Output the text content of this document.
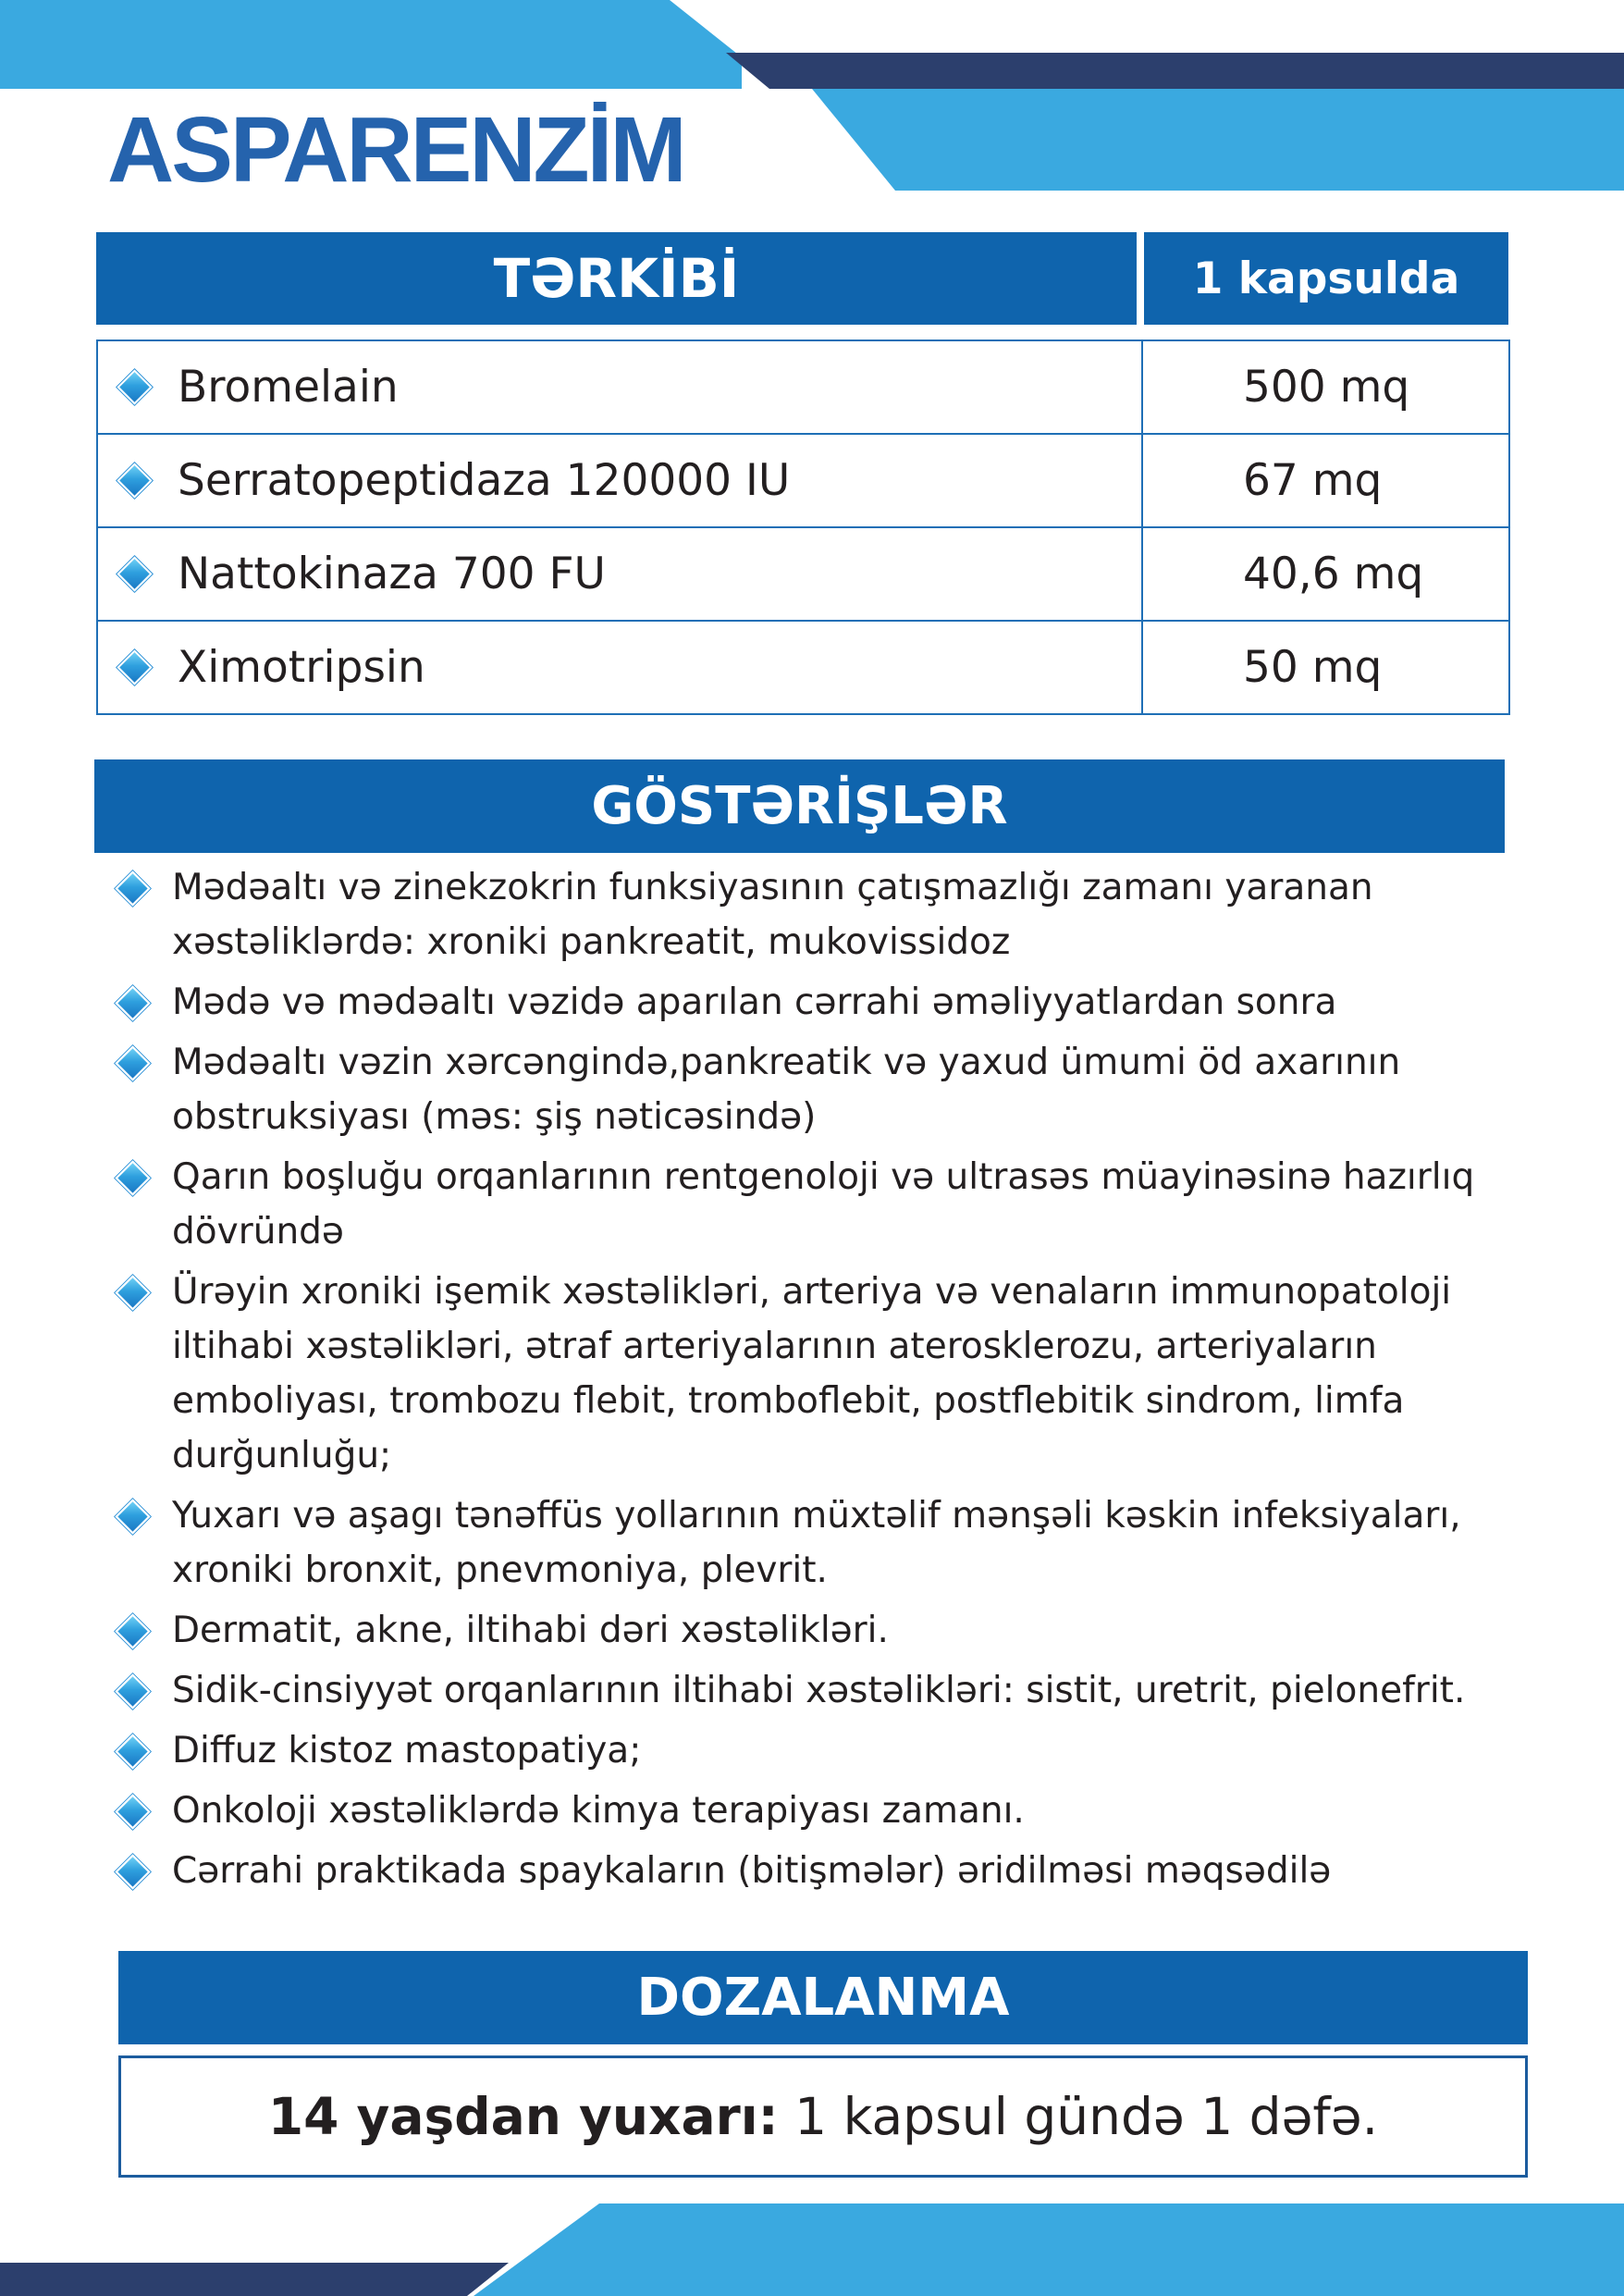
ASPARENZİM
TƏRKİBİ	1 kapsulda
Bromelain	500 mq

Serratopeptidaza 120000 IU	67 mq

Nattokinaza 700 FU	40,6 mq

Ximotripsin	50 mq
GÖSTƏRİŞLƏR
Mədəaltı və zinekzokrin funksiyasının çatışmazlığı zamanı yaranan xəstəliklərdə: xroniki pankreatit, mukovissidoz
Mədə və mədəaltı vəzidə aparılan cərrahi əməliyyatlardan sonra
Mədəaltı vəzin xərcəngində,pankreatik və yaxud ümumi öd axarının obstruksiyası (məs: şiş nəticəsində)
Qarın boşluğu orqanlarının rentgenoloji və ultrasəs müayinəsinə hazırlıq dövründə
Ürəyin xroniki işemik xəstəlikləri, arteriya və venaların immunopatoloji iltihabi xəstəlikləri, ətraf arteriyalarının aterosklerozu, arteriyaların emboliyası, trombozu flebit, tromboflebit, postflebitik sindrom, limfa durğunluğu;
Yuxarı və aşagı tənəffüs yollarının müxtəlif mənşəli kəskin infeksiyaları, xroniki bronxit, pnevmoniya, plevrit.
Dermatit, akne, iltihabi dəri xəstəlikləri.
Sidik-cinsiyyət orqanlarının iltihabi xəstəlikləri: sistit, uretrit, pielonefrit.
Diffuz kistoz mastopatiya;
Onkoloji xəstəliklərdə kimya terapiyası zamanı.
Cərrahi praktikada spaykaların (bitişmələr) əridilməsi məqsədilə
DOZALANMA
14 yaşdan yuxarı: 1 kapsul gündə 1 dəfə.
